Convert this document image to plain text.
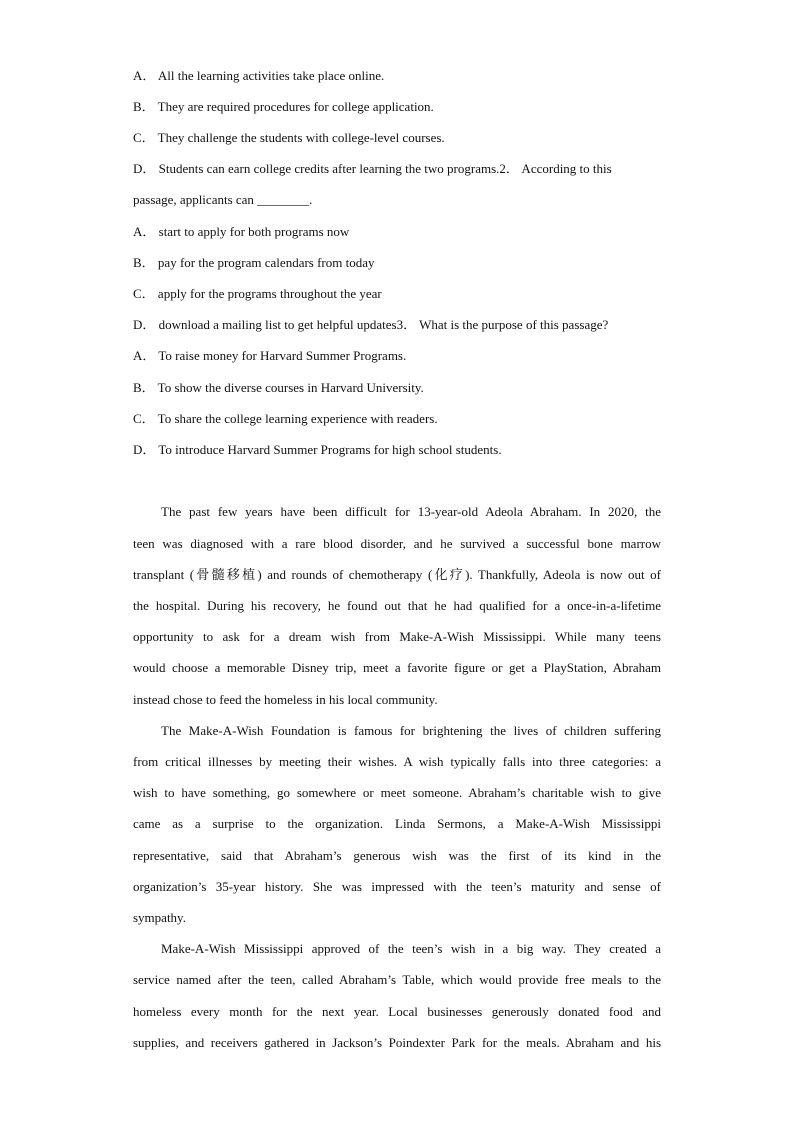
A． All the learning activities take place online.
B． They are required procedures for college application.
C． They challenge the students with college-level courses.
D． Students can earn college credits after learning the two programs.2． According to this
passage, applicants can ________.
A． start to apply for both programs now
B． pay for the program calendars from today
C． apply for the programs throughout the year
D． download a mailing list to get helpful updates3． What is the purpose of this passage?
A． To raise money for Harvard Summer Programs.
B． To show the diverse courses in Harvard University.
C． To share the college learning experience with readers.
D． To introduce Harvard Summer Programs for high school students.
The past few years have been difficult for 13-year-old Adeola Abraham. In 2020, the
teen was diagnosed with a rare blood disorder, and he survived a successful bone marrow
transplant (骨髓移植) and rounds of chemotherapy (化疗). Thankfully, Adeola is now out of
the hospital. During his recovery, he found out that he had qualified for a once-in-a-lifetime
opportunity to ask for a dream wish from Make-A-Wish Mississippi. While many teens
would choose a memorable Disney trip, meet a favorite figure or get a PlayStation, Abraham
instead chose to feed the homeless in his local community.
The Make-A-Wish Foundation is famous for brightening the lives of children suffering
from critical illnesses by meeting their wishes. A wish typically falls into three categories: a
wish to have something, go somewhere or meet someone. Abraham’s charitable wish to give
came as a surprise to the organization. Linda Sermons, a Make-A-Wish Mississippi
representative, said that Abraham’s generous wish was the first of its kind in the
organization’s 35-year history. She was impressed with the teen’s maturity and sense of
sympathy.
Make-A-Wish Mississippi approved of the teen’s wish in a big way. They created a
service named after the teen, called Abraham’s Table, which would provide free meals to the
homeless every month for the next year. Local businesses generously donated food and
supplies, and receivers gathered in Jackson’s Poindexter Park for the meals. Abraham and his
